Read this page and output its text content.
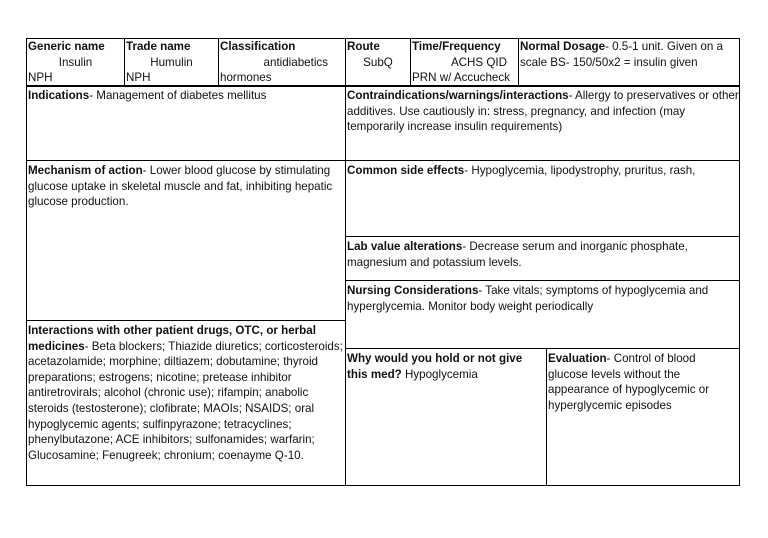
Generic name
Insulin
NPH
Trade name
Humulin
NPH
Classification
antidiabetics
hormones
Route
SubQ
Time/Frequency
ACHS QID
PRN w/ Accucheck
Normal Dosage- 0.5-1 unit. Given on a scale BS- 150/50x2 = insulin given
Indications- Management of diabetes mellitus
Mechanism of action- Lower blood glucose by stimulating glucose uptake in skeletal muscle and fat, inhibiting hepatic glucose production.
Interactions with other patient drugs, OTC, or herbal medicines- Beta blockers; Thiazide diuretics; corticosteroids; acetazolamide; morphine; diltiazem; dobutamine; thyroid preparations; estrogens; nicotine; pretease inhibitor antiretrovirals; alcohol (chronic use); rifampin; anabolic steroids (testosterone); clofibrate; MAOIs; NSAIDS; oral hypoglycemic agents; sulfinpyrazone; tetracyclines; phenylbutazone; ACE inhibitors; sulfonamides; warfarin; Glucosamine; Fenugreek; chronium; coenayme Q-10.
Contraindications/warnings/interactions- Allergy to preservatives or other additives. Use cautiously in: stress, pregnancy, and infection (may temporarily increase insulin requirements)
Common side effects- Hypoglycemia, lipodystrophy, pruritus, rash,
Lab value alterations- Decrease serum and inorganic phosphate, magnesium and potassium levels.
Nursing Considerations- Take vitals; symptoms of hypoglycemia and hyperglycemia. Monitor body weight periodically
Why would you hold or not give this med? Hypoglycemia
Evaluation- Control of blood glucose levels without the appearance of hypoglycemic or hyperglycemic episodes
